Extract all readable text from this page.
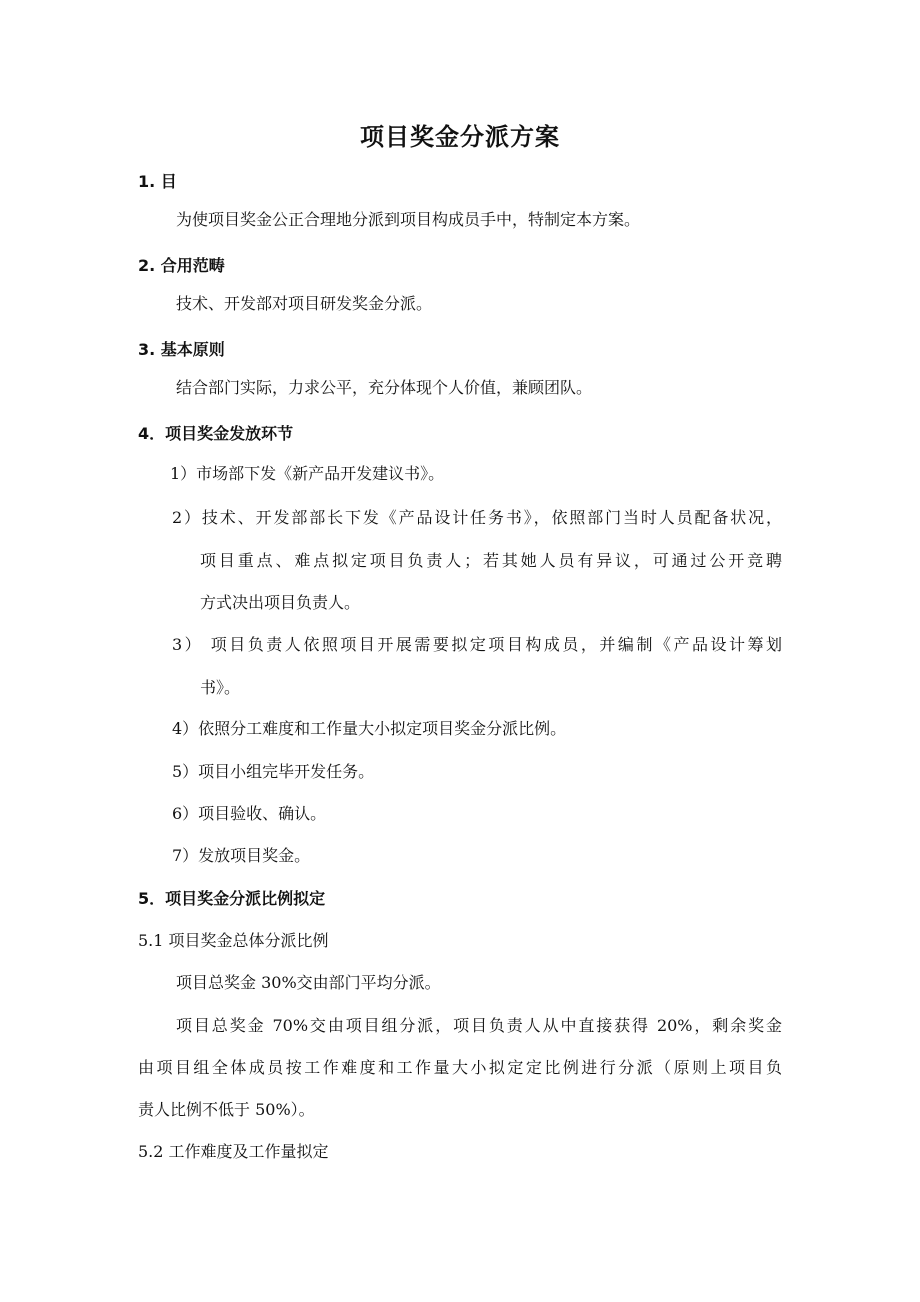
项目奖金分派方案
1. 目
为使项目奖金公正合理地分派到项目构成员手中，特制定本方案。
2. 合用范畴
技术、开发部对项目研发奖金分派。
3. 基本原则
结合部门实际，力求公平，充分体现个人价值，兼顾团队。
4．项目奖金发放环节
1）市场部下发《新产品开发建议书》。
2）技术、开发部部长下发《产品设计任务书》，依照部门当时人员配备状况，
项目重点、难点拟定项目负责人；若其她人员有异议，可通过公开竞聘
方式决出项目负责人。
3） 项目负责人依照项目开展需要拟定项目构成员，并编制《产品设计筹划
书》。
4）依照分工难度和工作量大小拟定项目奖金分派比例。
5）项目小组完毕开发任务。
6）项目验收、确认。
7）发放项目奖金。
5．项目奖金分派比例拟定
5.1 项目奖金总体分派比例
项目总奖金 30%交由部门平均分派。
项目总奖金 70%交由项目组分派，项目负责人从中直接获得 20%，剩余奖金
由项目组全体成员按工作难度和工作量大小拟定定比例进行分派（原则上项目负
责人比例不低于 50%）。
5.2 工作难度及工作量拟定
